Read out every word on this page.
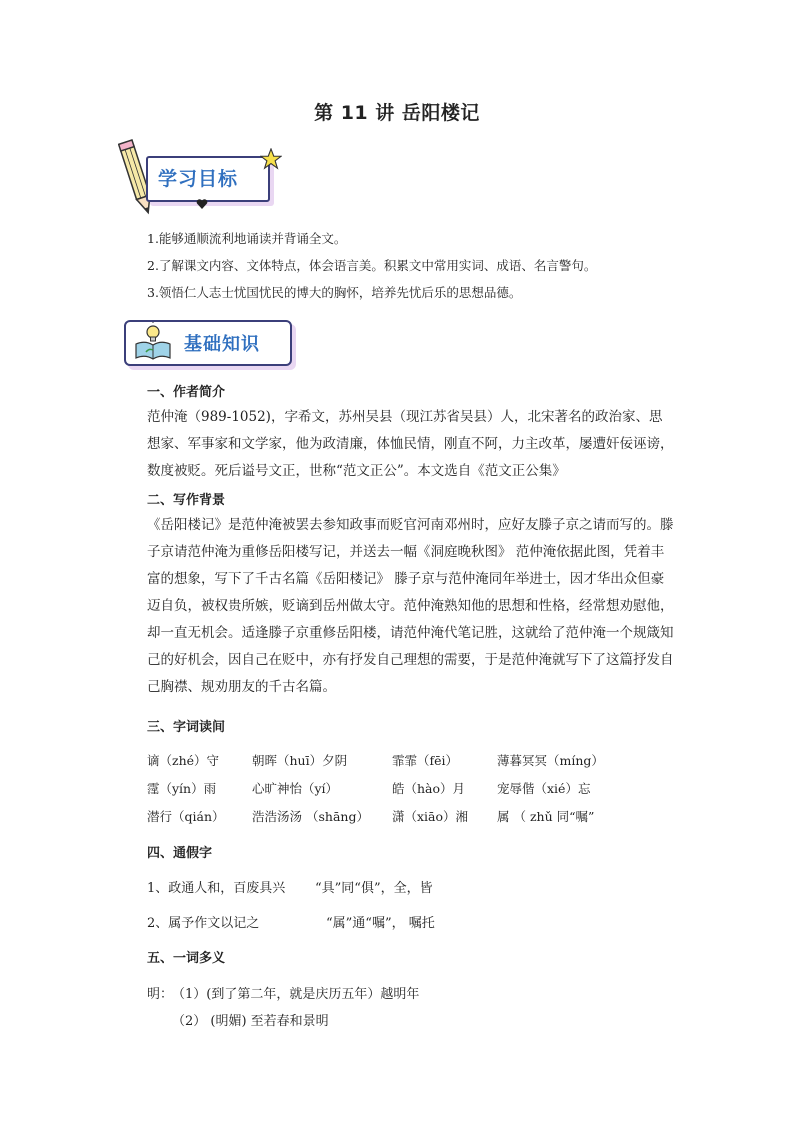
第 11 讲 岳阳楼记
学习目标
1.能够通顺流利地诵读并背诵全文。
2.了解课文内容、文体特点，体会语言美。积累文中常用实词、成语、名言警句。
3.领悟仁人志士忧国忧民的博大的胸怀，培养先忧后乐的思想品德。
基础知识
一、作者简介
范仲淹（989-1052)，字希文，苏州吴县（现江苏省吴县）人，北宋著名的政治家、思想家、军事家和文学家，他为政清廉，体恤民情，刚直不阿，力主改革，屡遭奸佞诬谤，数度被贬。死后谥号文正，世称“范文正公”。本文选自《范文正公集》
二、写作背景
《岳阳楼记》是范仲淹被罢去参知政事而贬官河南邓州时，应好友滕子京之请而写的。滕子京请范仲淹为重修岳阳楼写记，并送去一幅《洞庭晚秋图》 范仲淹依据此图，凭着丰富的想象，写下了千古名篇《岳阳楼记》 滕子京与范仲淹同年举进士，因才华出众但豪迈自负，被权贵所嫉，贬谪到岳州做太守。范仲淹熟知他的思想和性格，经常想劝慰他，却一直无机会。适逢滕子京重修岳阳楼，请范仲淹代笔记胜，这就给了范仲淹一个规箴知己的好机会，因自己在贬中，亦有抒发自己理想的需要，于是范仲淹就写下了这篇抒发自己胸襟、规劝朋友的千古名篇。
三、字词读间
谪（zhé）守	朝晖（huī）夕阴	霏霏（fēi）	薄暮冥冥（míng）
霪（yín）雨	心旷神怡（yí）	皓（hào）月	宠辱偕（xié）忘
潜行（qián） 浩浩汤汤 （shāng） 潇（xiāo）湘 属 （ zhǔ 同“嘱”
四、通假字
1、政通人和，百废具兴 “具”同“俱”，全，皆
2、属予作文以记之	“属”通“嘱”， 嘱托
五、一词多义
明：
（1）(到了第二年，就是庆历五年）越明年
（2） (明媚) 至若春和景明
